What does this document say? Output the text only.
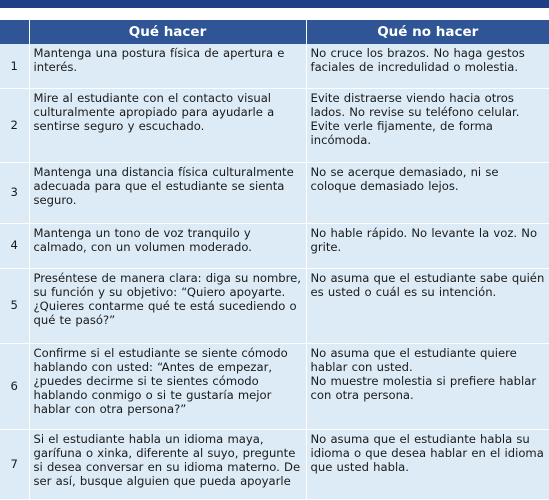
	Qué hacer	Qué no hacer
1	Mantenga una postura física de apertura e interés.	No cruce los brazos. No haga gestos faciales de incredulidad o molestia.

2	Mire al estudiante con el contacto visual culturalmente apropiado para ayudarle a sentirse seguro y escuchado.	Evite distraerse viendo hacia otros lados. No revise su teléfono celular. Evite verle fijamente, de forma incómoda.

3	Mantenga una distancia física culturalmente adecuada para que el estudiante se sienta seguro.	No se acerque demasiado, ni se coloque demasiado lejos.

4	Mantenga un tono de voz tranquilo y calmado, con un volumen moderado.	No hable rápido. No levante la voz. No grite.

5	Preséntese de manera clara: diga su nombre, su función y su objetivo: “Quiero apoyarte. ¿Quieres contarme qué te está sucediendo o qué te pasó?”	No asuma que el estudiante sabe quién es usted o cuál es su intención.

6	Confirme si el estudiante se siente cómodo hablando con usted: “Antes de empezar, ¿puedes decirme si te sientes cómodo hablando conmigo o si te gustaría mejor hablar con otra persona?”	No asuma que el estudiante quiere hablar con usted.
No muestre molestia si prefiere hablar con otra persona.

7	Si el estudiante habla un idioma maya, garífuna o xinka, diferente al suyo, pregunte si desea conversar en su idioma materno. De ser así, busque alguien que pueda apoyarle	No asuma que el estudiante habla su idioma o que desea hablar en el idioma que usted habla.
